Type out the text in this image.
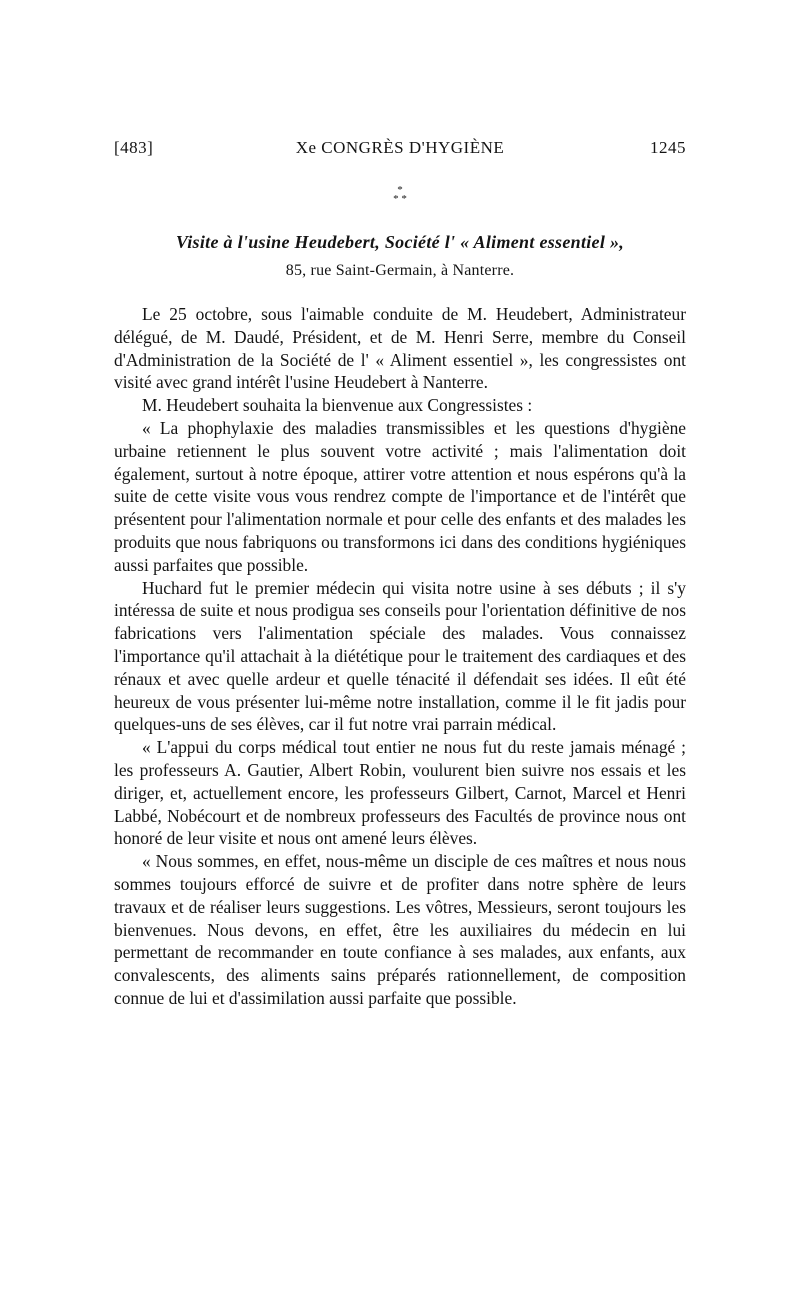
[483]	Xe CONGRÈS D'HYGIÈNE	1245
*
* *
Visite à l'usine Heudebert, Société l' « Aliment essentiel »,
85, rue Saint-Germain, à Nanterre.

Le 25 octobre, sous l'aimable conduite de M. Heudebert, Administrateur délégué, de M. Daudé, Président, et de M. Henri Serre, membre du Conseil d'Administration de la Société de l' « Aliment essentiel », les congressistes ont visité avec grand intérêt l'usine Heudebert à Nanterre.

M. Heudebert souhaita la bienvenue aux Congressistes :

« La phophylaxie des maladies transmissibles et les questions d'hygiène urbaine retiennent le plus souvent votre activité ; mais l'alimentation doit également, surtout à notre époque, attirer votre attention et nous espérons qu'à la suite de cette visite vous vous rendrez compte de l'importance et de l'intérêt que présentent pour l'alimentation normale et pour celle des enfants et des malades les produits que nous fabriquons ou transformons ici dans des conditions hygiéniques aussi parfaites que possible.

Huchard fut le premier médecin qui visita notre usine à ses débuts ; il s'y intéressa de suite et nous prodigua ses conseils pour l'orientation définitive de nos fabrications vers l'alimentation spéciale des malades. Vous connaissez l'importance qu'il attachait à la diététique pour le traitement des cardiaques et des rénaux et avec quelle ardeur et quelle ténacité il défendait ses idées. Il eût été heureux de vous présenter lui-même notre installation, comme il le fit jadis pour quelques-uns de ses élèves, car il fut notre vrai parrain médical.

« L'appui du corps médical tout entier ne nous fut du reste jamais ménagé ; les professeurs A. Gautier, Albert Robin, voulurent bien suivre nos essais et les diriger, et, actuellement encore, les professeurs Gilbert, Carnot, Marcel et Henri Labbé, Nobécourt et de nombreux professeurs des Facultés de province nous ont honoré de leur visite et nous ont amené leurs élèves.

« Nous sommes, en effet, nous-même un disciple de ces maîtres et nous nous sommes toujours efforcé de suivre et de profiter dans notre sphère de leurs travaux et de réaliser leurs suggestions. Les vôtres, Messieurs, seront toujours les bienvenues. Nous devons, en effet, être les auxiliaires du médecin en lui permettant de recommander en toute confiance à ses malades, aux enfants, aux convalescents, des aliments sains préparés rationnellement, de composition connue de lui et d'assimilation aussi parfaite que possible.
